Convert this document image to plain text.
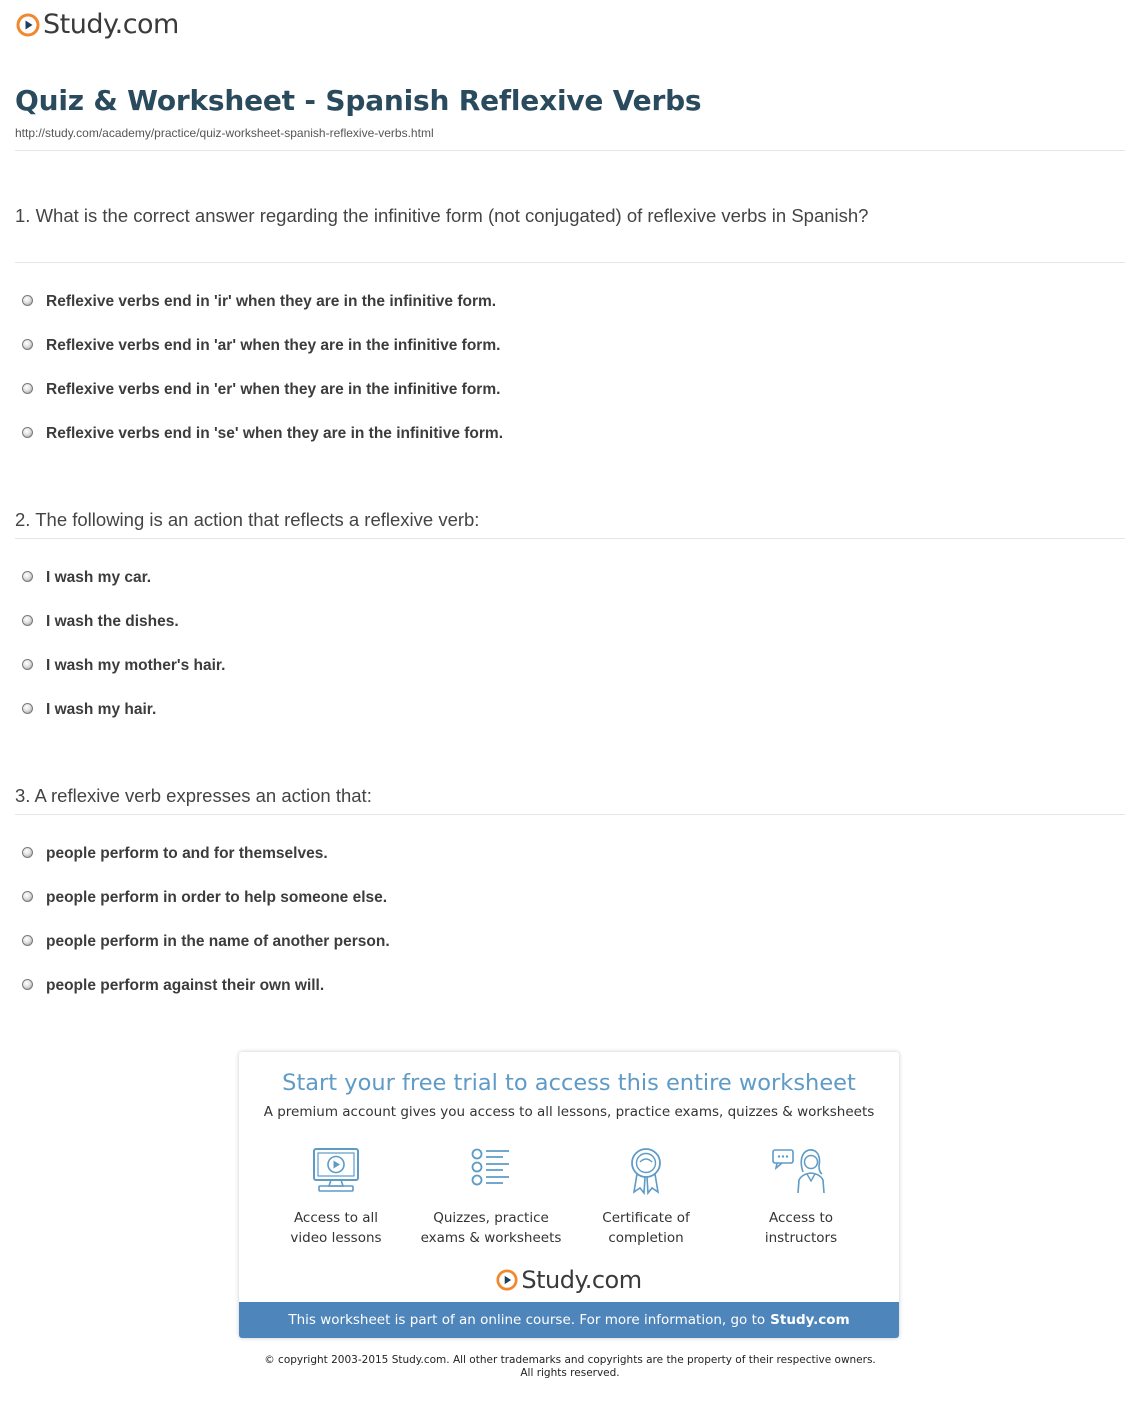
Study.com
Quiz & Worksheet - Spanish Reflexive Verbs
http://study.com/academy/practice/quiz-worksheet-spanish-reflexive-verbs.html
1. What is the correct answer regarding the infinitive form (not conjugated) of reflexive verbs in Spanish?
Reflexive verbs end in 'ir' when they are in the infinitive form.
Reflexive verbs end in 'ar' when they are in the infinitive form.
Reflexive verbs end in 'er' when they are in the infinitive form.
Reflexive verbs end in 'se' when they are in the infinitive form.
2. The following is an action that reflects a reflexive verb:
I wash my car.
I wash the dishes.
I wash my mother's hair.
I wash my hair.
3. A reflexive verb expresses an action that:
people perform to and for themselves.
people perform in order to help someone else.
people perform in the name of another person.
people perform against their own will.
Start your free trial to access this entire worksheet
A premium account gives you access to all lessons, practice exams, quizzes & worksheets
Access to all
video lessons
Quizzes, practice
exams & worksheets
Certificate of
completion
Access to
instructors
Study.com
This worksheet is part of an online course. For more information, go to Study.com
© copyright 2003-2015 Study.com. All other trademarks and copyrights are the property of their respective owners.
All rights reserved.
